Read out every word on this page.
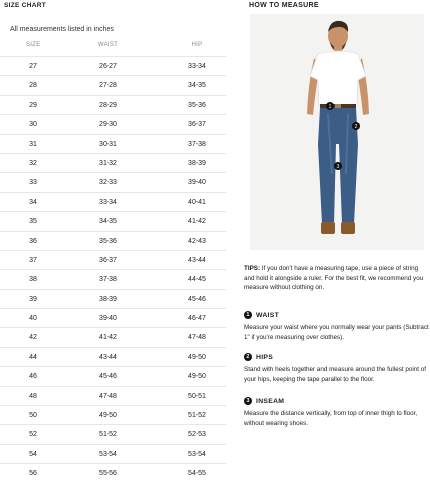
SIZE CHART
All measurements listed in inches
SIZE	WAIST	HIP
27	26-27	33-34
28	27-28	34-35
29	28-29	35-36
30	29-30	36-37
31	30-31	37-38
32	31-32	38-39
33	32-33	39-40
34	33-34	40-41
35	34-35	41-42
36	35-36	42-43
37	36-37	43-44
38	37-38	44-45
39	38-39	45-46
40	39-40	46-47
42	41-42	47-48
44	43-44	49-50
46	45-46	49-50
48	47-48	50-51
50	49-50	51-52
52	51-52	52-53
54	53-54	53-54
56	55-56	54-55
HOW TO MEASURE
1
2
3
TIPS: If you don't have a measuring tape, use a piece of string and hold it alongside a ruler. For the best fit, we recommend you measure without clothing on.
1 WAIST
Measure your waist where you normally wear your pants (Subtract 1" if you're measuring over clothes).
2 HIPS
Stand with heels together and measure around the fullest point of your hips, keeping the tape parallel to the floor.
3 INSEAM
Measure the distance vertically, from top of inner thigh to floor, without wearing shoes.
